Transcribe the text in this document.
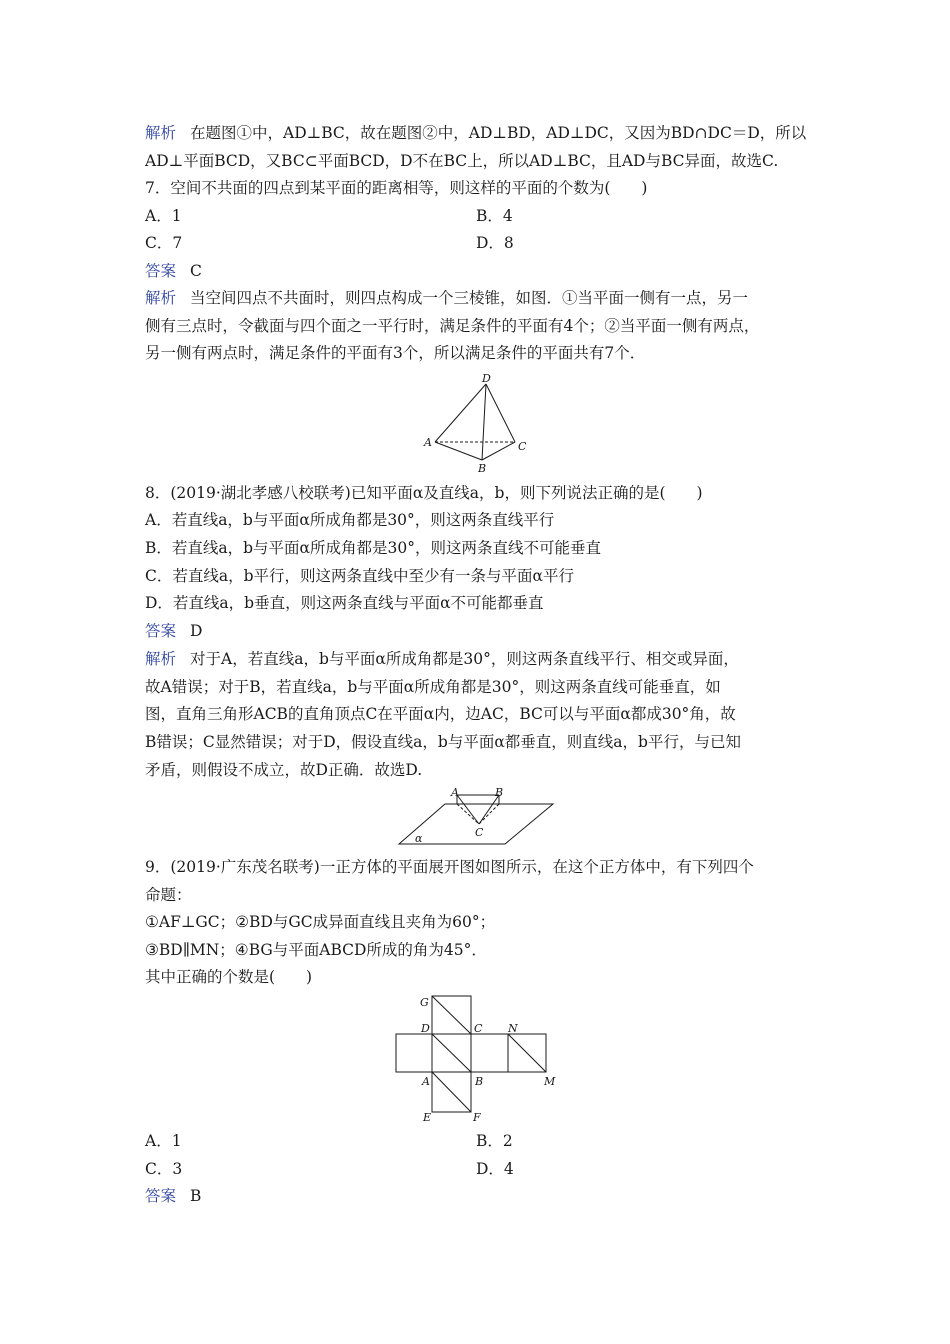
解析 在题图①中，AD⊥BC，故在题图②中，AD⊥BD，AD⊥DC，又因为BD∩DC＝D，所以
AD⊥平面BCD，又BC⊂平面BCD，D不在BC上，所以AD⊥BC，且AD与BC异面，故选C.
7．空间不共面的四点到某平面的距离相等，则这样的平面的个数为(　　)
A．1	B．4
C．7	D．8
答案 C
解析 当空间四点不共面时，则四点构成一个三棱锥，如图．①当平面一侧有一点，另一
侧有三点时，令截面与四个面之一平行时，满足条件的平面有4个；②当平面一侧有两点，
另一侧有两点时，满足条件的平面有3个，所以满足条件的平面共有7个．
D
A
B
C
8．(2019·湖北孝感八校联考)已知平面α及直线a，b，则下列说法正确的是(　　)
A．若直线a，b与平面α所成角都是30°，则这两条直线平行
B．若直线a，b与平面α所成角都是30°，则这两条直线不可能垂直
C．若直线a，b平行，则这两条直线中至少有一条与平面α平行
D．若直线a，b垂直，则这两条直线与平面α不可能都垂直
答案 D
解析 对于A，若直线a，b与平面α所成角都是30°，则这两条直线平行、相交或异面，
故A错误；对于B，若直线a，b与平面α所成角都是30°，则这两条直线可能垂直，如
图，直角三角形ACB的直角顶点C在平面α内，边AC，BC可以与平面α都成30°角，故
B错误；C显然错误；对于D，假设直线a，b与平面α都垂直，则直线a，b平行，与已知
矛盾，则假设不成立，故D正确．故选D.
A	B
C
α
9．(2019·广东茂名联考)一正方体的平面展开图如图所示，在这个正方体中，有下列四个
命题：
①AF⊥GC；②BD与GC成异面直线且夹角为60°；
③BD∥MN；④BG与平面ABCD所成的角为45°．
其中正确的个数是(　　)
G
D	C N
A	B	M
E	F
A．1	B．2
C．3	D．4
答案 B
